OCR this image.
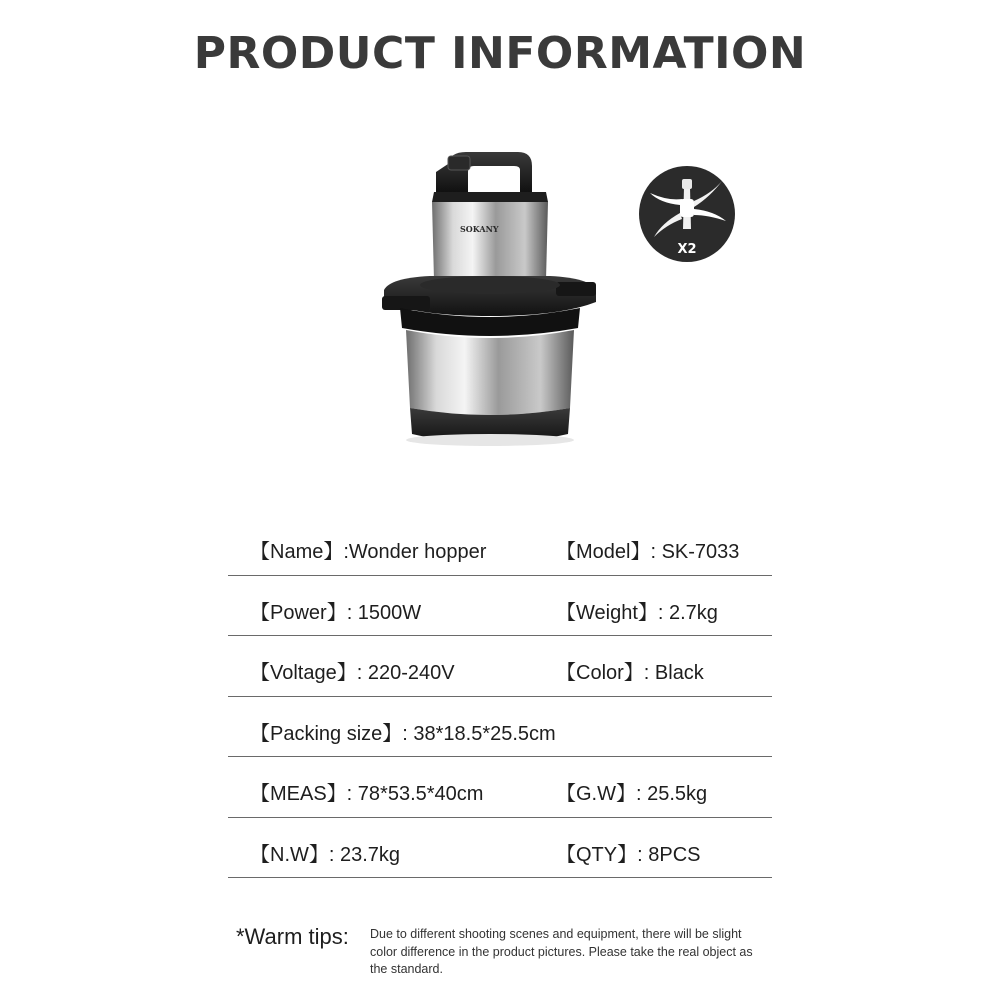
PRODUCT INFORMATION
SOKANY
X2
【Name】:Wonder hopper	【Model】: SK-7033
【Power】: 1500W	【Weight】: 2.7kg
【Voltage】: 220-240V	【Color】: Black
【Packing size】: 38*18.5*25.5cm
【MEAS】: 78*53.5*40cm	【G.W】: 25.5kg
【N.W】: 23.7kg	【QTY】: 8PCS
*Warm tips: Due to different shooting scenes and equipment, there will be slight color difference in the product pictures. Please take the real object as the standard.
